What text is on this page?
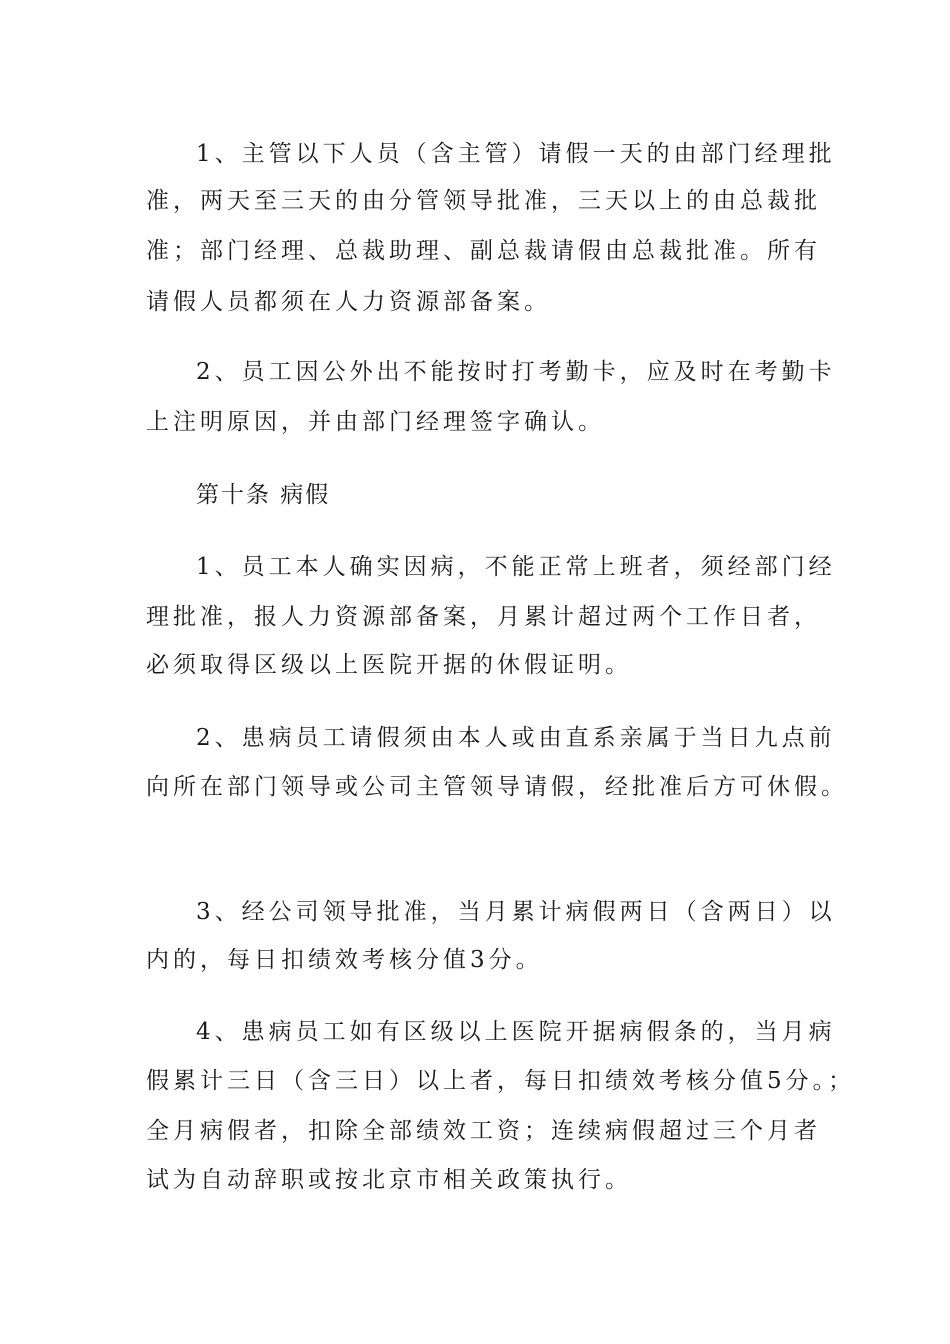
1、主管以下人员（含主管）请假一天的由部门经理批
准，两天至三天的由分管领导批准，三天以上的由总裁批
准；部门经理、总裁助理、副总裁请假由总裁批准。所有
请假人员都须在人力资源部备案。
2、员工因公外出不能按时打考勤卡，应及时在考勤卡
上注明原因，并由部门经理签字确认。
第十条 病假
1、员工本人确实因病，不能正常上班者，须经部门经
理批准，报人力资源部备案，月累计超过两个工作日者，
必须取得区级以上医院开据的休假证明。
2、患病员工请假须由本人或由直系亲属于当日九点前
向所在部门领导或公司主管领导请假，经批准后方可休假。
3、经公司领导批准，当月累计病假两日（含两日）以
内的，每日扣绩效考核分值3分。
4、患病员工如有区级以上医院开据病假条的，当月病
假累计三日（含三日）以上者，每日扣绩效考核分值5分。；
全月病假者，扣除全部绩效工资；连续病假超过三个月者
试为自动辞职或按北京市相关政策执行。
